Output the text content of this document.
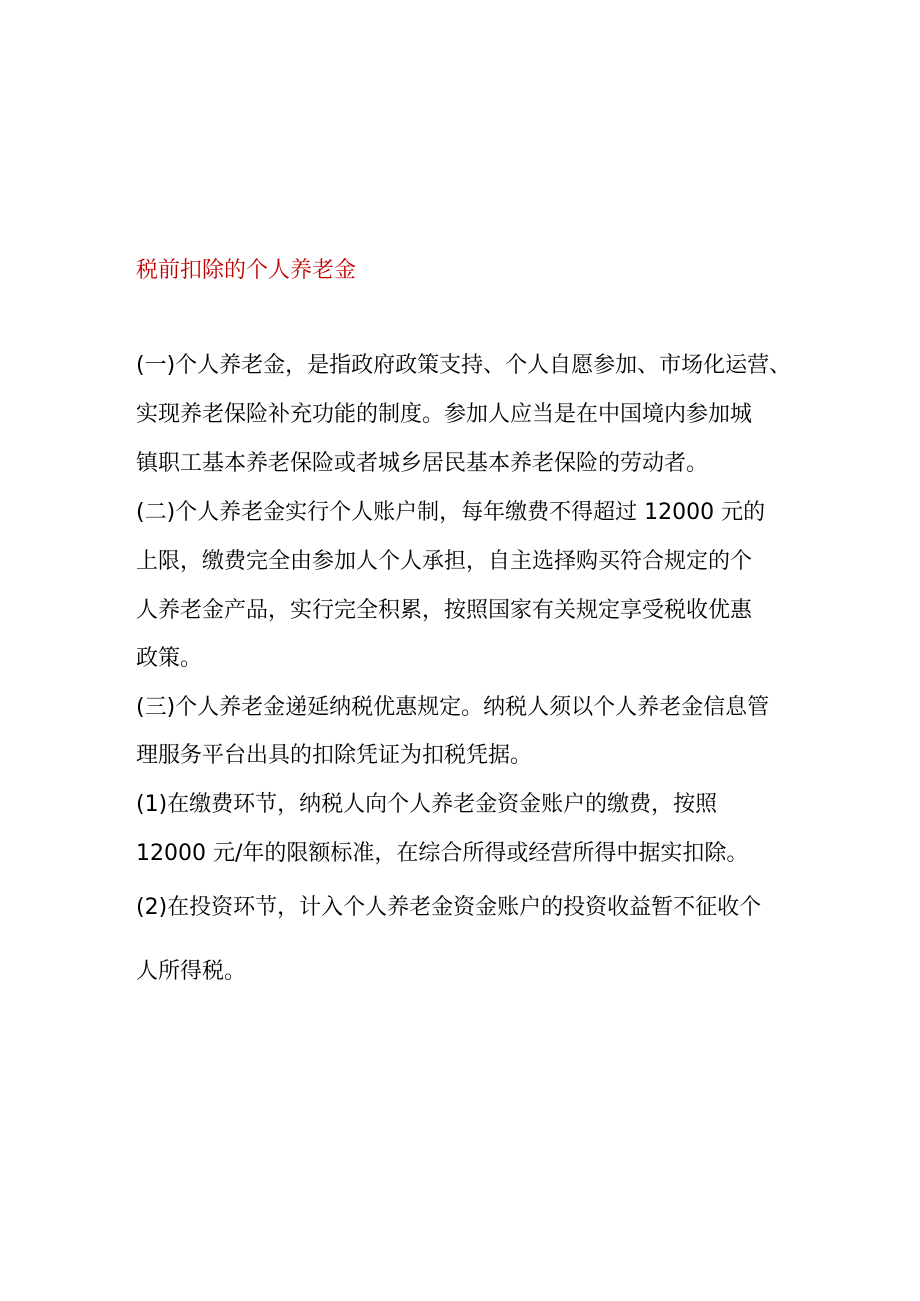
税前扣除的个人养老金
(一)个人养老金，是指政府政策支持、个人自愿参加、市场化运营、
实现养老保险补充功能的制度。参加人应当是在中国境内参加城
镇职工基本养老保险或者城乡居民基本养老保险的劳动者。
(二)个人养老金实行个人账户制，每年缴费不得超过 12000 元的
上限，缴费完全由参加人个人承担，自主选择购买符合规定的个
人养老金产品，实行完全积累，按照国家有关规定享受税收优惠
政策。
(三)个人养老金递延纳税优惠规定。纳税人须以个人养老金信息管
理服务平台出具的扣除凭证为扣税凭据。
(1)在缴费环节，纳税人向个人养老金资金账户的缴费，按照
12000 元/年的限额标准，在综合所得或经营所得中据实扣除。
(2)在投资环节，计入个人养老金资金账户的投资收益暂不征收个
人所得税。
